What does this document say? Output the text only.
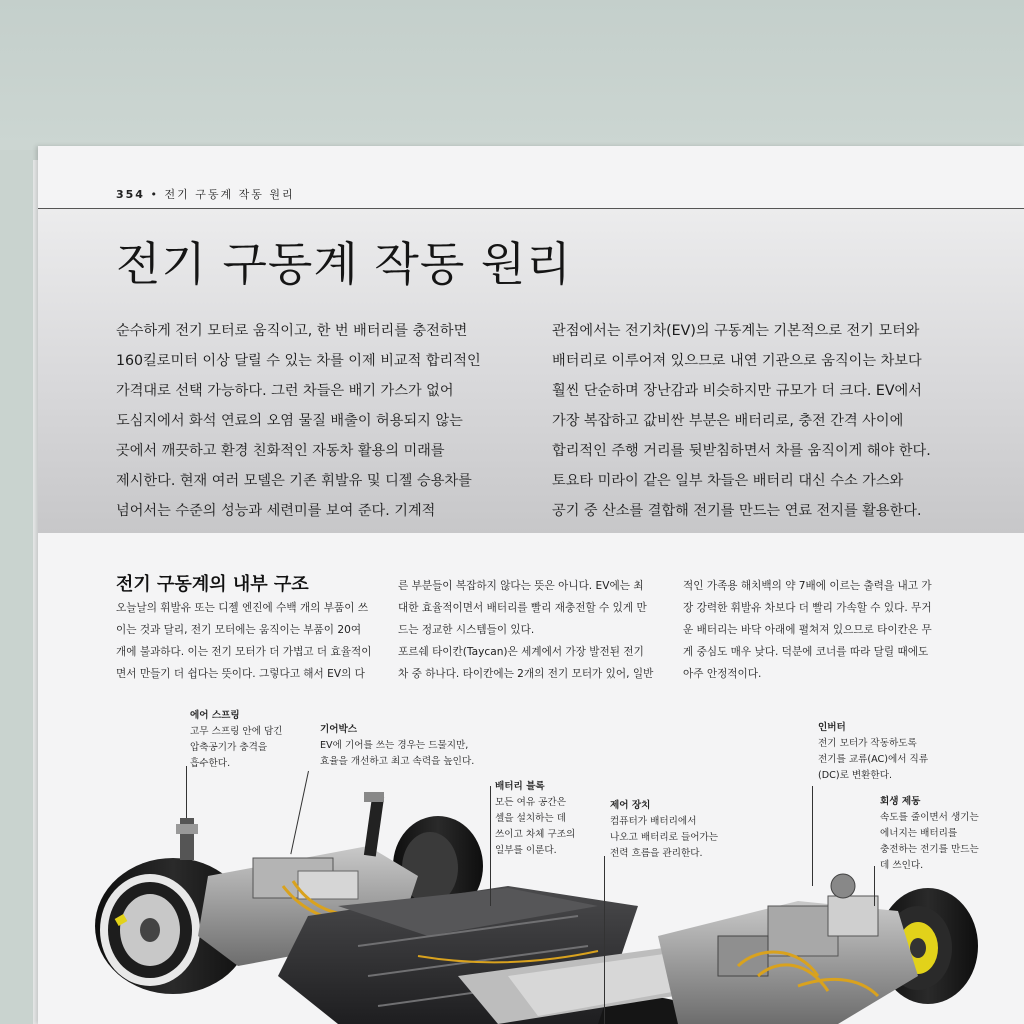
354 • 전기 구동계 작동 원리
전기 구동계 작동 원리

순수하게 전기 모터로 움직이고, 한 번 배터리를 충전하면
160킬로미터 이상 달릴 수 있는 차를 이제 비교적 합리적인
가격대로 선택 가능하다. 그런 차들은 배기 가스가 없어
도심지에서 화석 연료의 오염 물질 배출이 허용되지 않는
곳에서 깨끗하고 환경 친화적인 자동차 활용의 미래를
제시한다. 현재 여러 모델은 기존 휘발유 및 디젤 승용차를
넘어서는 수준의 성능과 세련미를 보여 준다. 기계적

관점에서는 전기차(EV)의 구동계는 기본적으로 전기 모터와
배터리로 이루어져 있으므로 내연 기관으로 움직이는 차보다
훨씬 단순하며 장난감과 비슷하지만 규모가 더 크다. EV에서
가장 복잡하고 값비싼 부분은 배터리로, 충전 간격 사이에
합리적인 주행 거리를 뒷받침하면서 차를 움직이게 해야 한다.
토요타 미라이 같은 일부 차들은 배터리 대신 수소 가스와
공기 중 산소를 결합해 전기를 만드는 연료 전지를 활용한다.

전기 구동계의 내부 구조
오늘날의 휘발유 또는 디젤 엔진에 수백 개의 부품이 쓰
이는 것과 달리, 전기 모터에는 움직이는 부품이 20여
개에 불과하다. 이는 전기 모터가 더 가볍고 더 효율적이
면서 만들기 더 쉽다는 뜻이다. 그렇다고 해서 EV의 다
른 부분들이 복잡하지 않다는 뜻은 아니다. EV에는 최
대한 효율적이면서 배터리를 빨리 재충전할 수 있게 만
드는 정교한 시스템들이 있다.
포르쉐 타이칸(Taycan)은 세계에서 가장 발전된 전기
차 중 하나다. 타이칸에는 2개의 전기 모터가 있어, 일반
적인 가족용 해치백의 약 7배에 이르는 출력을 내고 가
장 강력한 휘발유 차보다 더 빨리 가속할 수 있다. 무거
운 배터리는 바닥 아래에 펼쳐져 있으므로 타이칸은 무
게 중심도 매우 낮다. 덕분에 코너를 따라 달릴 때에도
아주 안정적이다.
에어 스프링
고무 스프링 안에 담긴
압축공기가 충격을
흡수한다.
기어박스
EV에 기어를 쓰는 경우는 드물지만,
효율을 개선하고 최고 속력을 높인다.
배터리 블록
모든 여유 공간은
셀을 설치하는 데
쓰이고 차체 구조의
일부를 이룬다.
제어 장치
컴퓨터가 배터리에서
나오고 배터리로 들어가는
전력 흐름을 관리한다.
인버터
전기 모터가 작동하도록
전기를 교류(AC)에서 직류
(DC)로 변환한다.
회생 제동
속도를 줄이면서 생기는
에너지는 배터리를
충전하는 전기를 만드는
데 쓰인다.
